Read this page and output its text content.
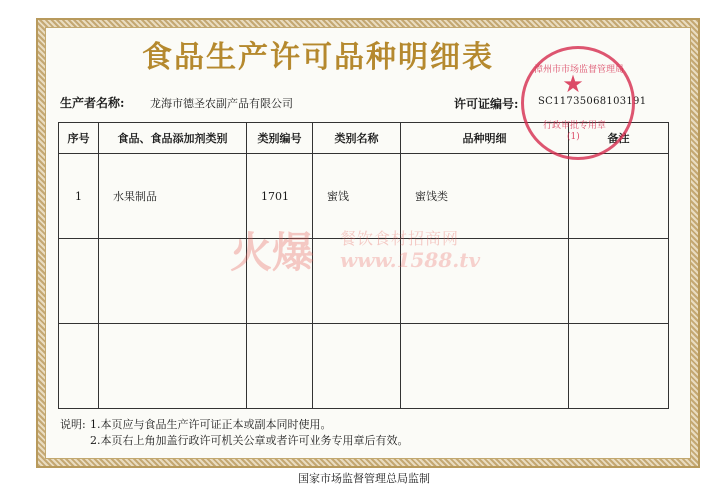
食品生产许可品种明细表
生产者名称: 龙海市德圣农副产品有限公司	许可证编号: SC11735068103191
序号	食品、食品添加剂类别	类别编号	类别名称	品种明细	备注
1	水果制品	1701	蜜饯	蜜饯类	

说明: 1.本页应与食品生产许可证正本或副本同时使用。
2.本页右上角加盖行政许可机关公章或者许可业务专用章后有效。
国家市场监督管理总局监制
★
漳州市市场监督管理局
行政审批专用章
(1)
火爆 餐饮食材招商网
www.1588.tv
